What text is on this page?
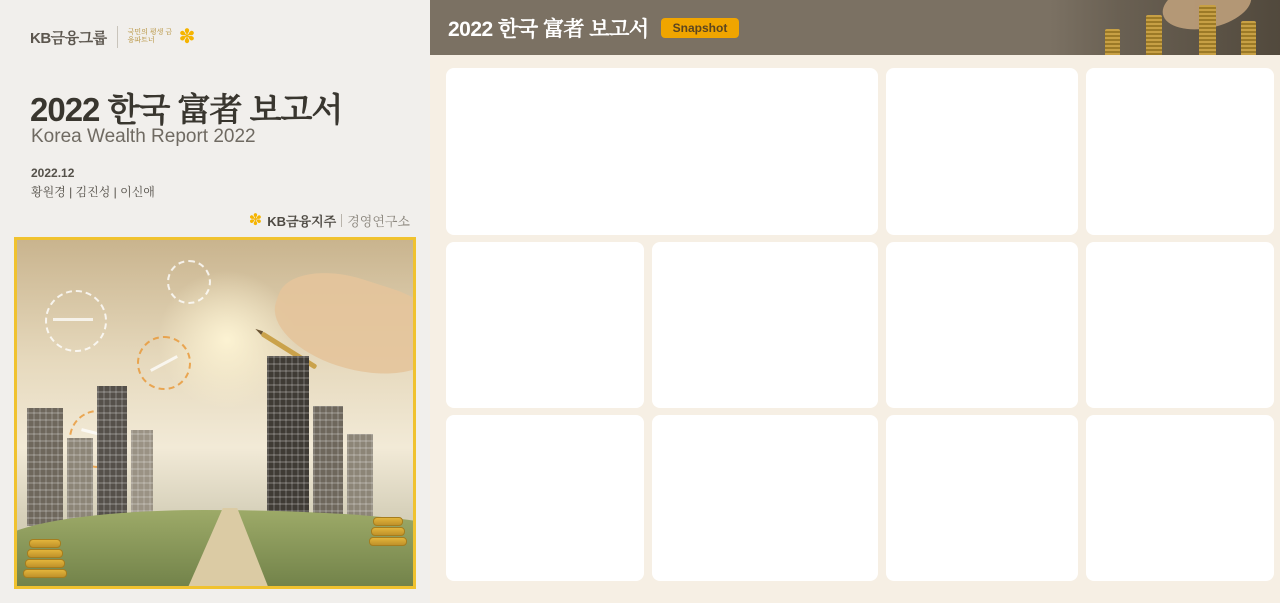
KB금융그룹	국민의 평생 금융파트너	✽
2022 한국 富者 보고서
Korea Wealth Report 2022
2022.12
황원경 | 김진성 | 이신애
✽ KB금융지주 경영연구소
2022 한국 富者 보고서	Snapshot
